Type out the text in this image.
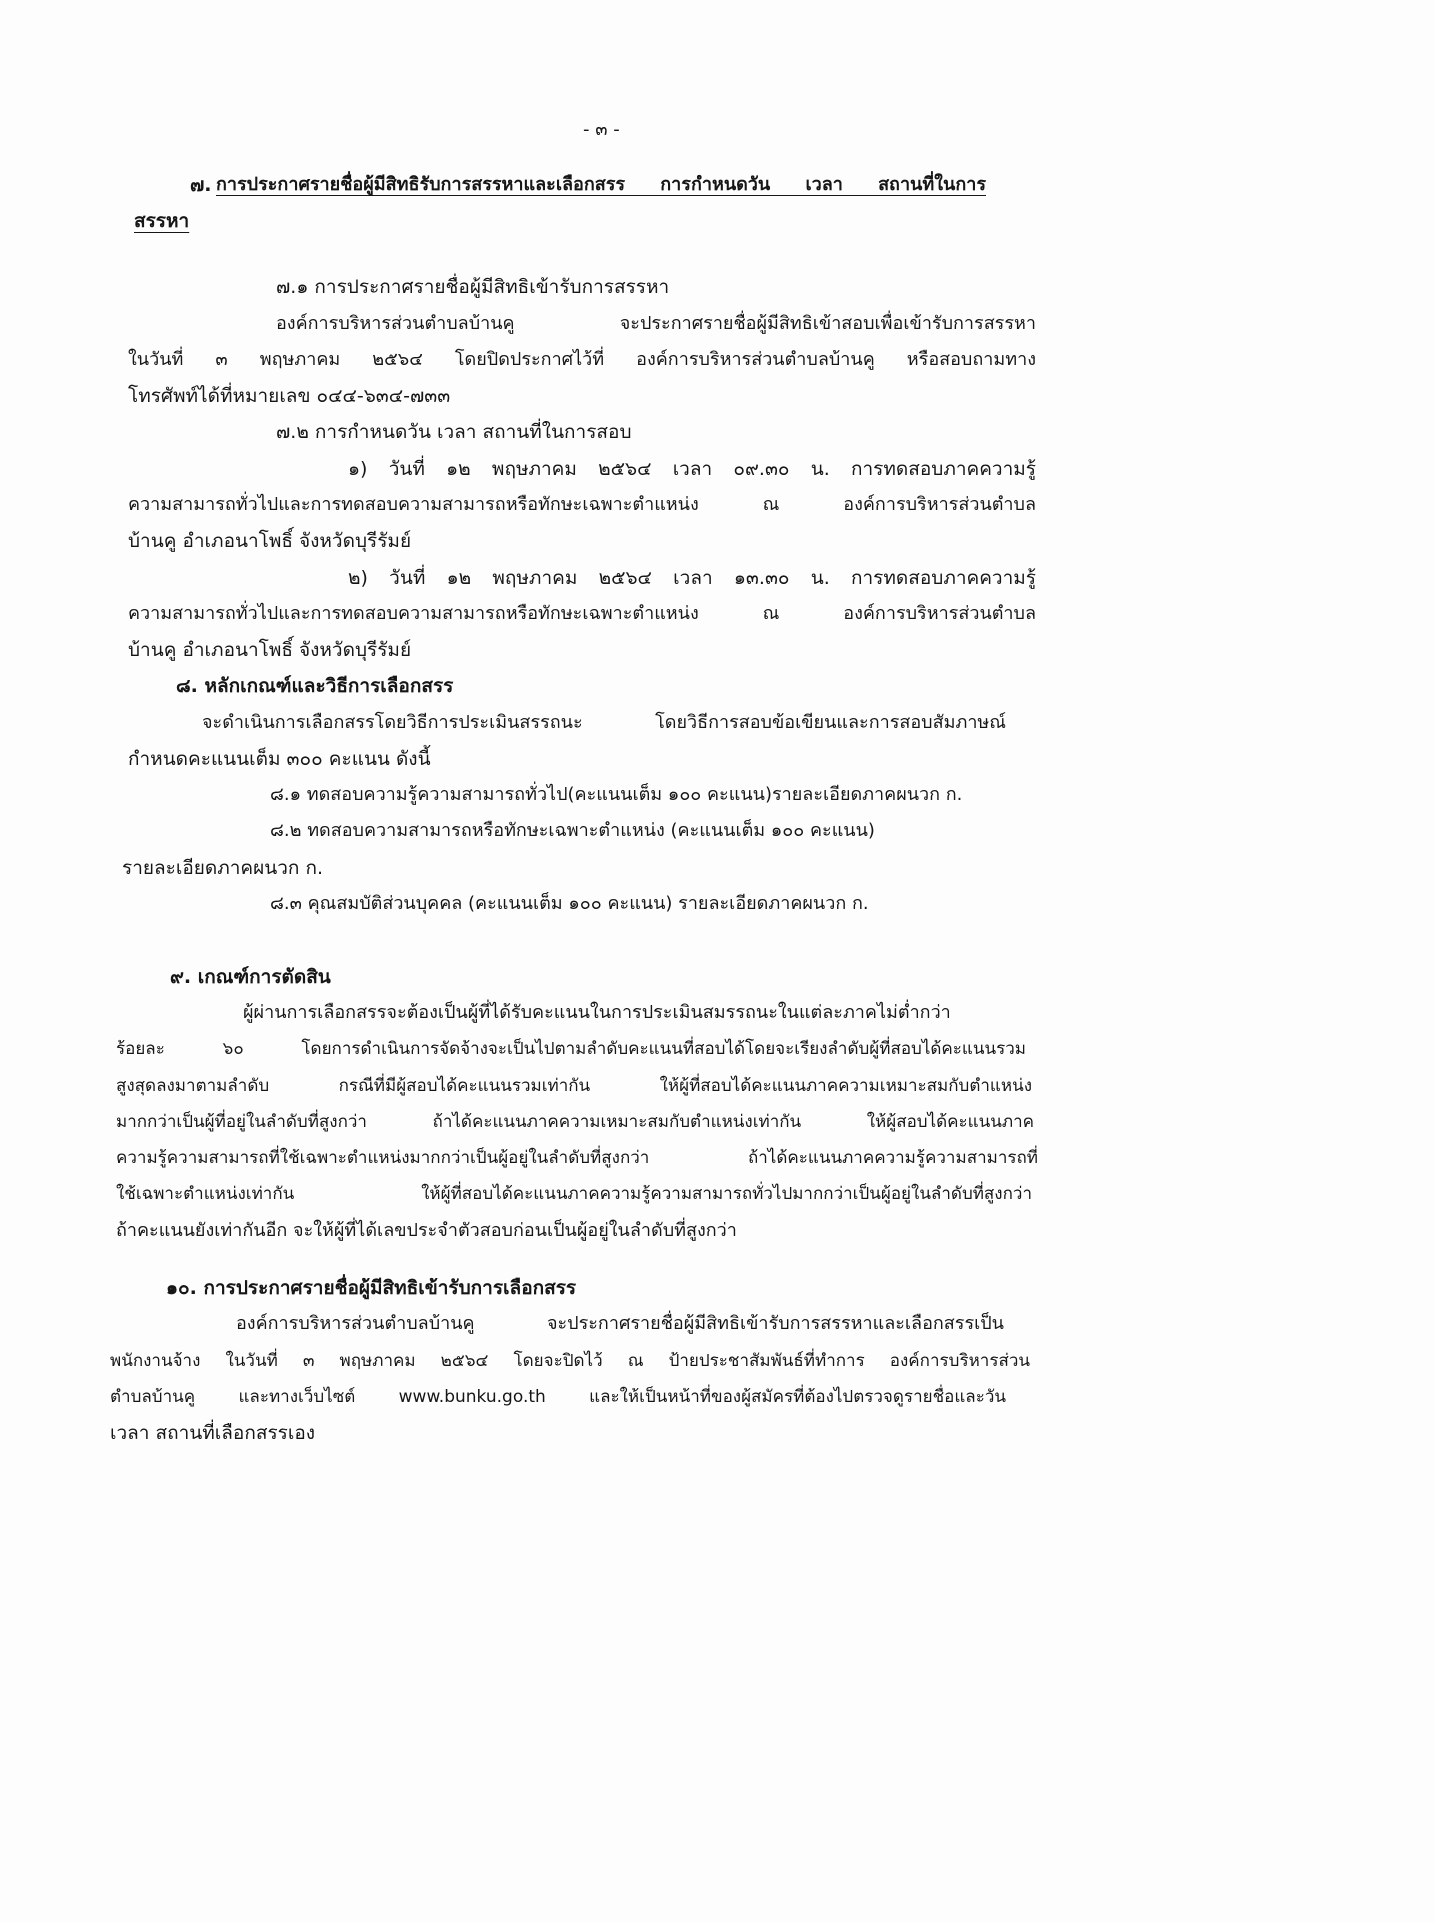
- ๓ -
๗. การประกาศรายชื่อผู้มีสิทธิรับการสรรหาและเลือกสรร การกำหนดวัน เวลา สถานที่ในการ
สรรหา
๗.๑ การประกาศรายชื่อผู้มีสิทธิเข้ารับการสรรหา
องค์การบริหารส่วนตำบลบ้านคู จะประกาศรายชื่อผู้มีสิทธิเข้าสอบเพื่อเข้ารับการสรรหา
ในวันที่ ๓ พฤษภาคม ๒๕๖๔ โดยปิดประกาศไว้ที่ องค์การบริหารส่วนตำบลบ้านคู หรือสอบถามทาง
โทรศัพท์ได้ที่หมายเลข ๐๔๔-๖๓๔-๗๓๓
๗.๒ การกำหนดวัน เวลา สถานที่ในการสอบ
๑) วันที่ ๑๒ พฤษภาคม ๒๕๖๔ เวลา ๐๙.๓๐ น. การทดสอบภาคความรู้
ความสามารถทั่วไปและการทดสอบความสามารถหรือทักษะเฉพาะตำแหน่ง ณ องค์การบริหารส่วนตำบล
บ้านคู อำเภอนาโพธิ์ จังหวัดบุรีรัมย์
๒) วันที่ ๑๒ พฤษภาคม ๒๕๖๔ เวลา ๑๓.๓๐ น. การทดสอบภาคความรู้
ความสามารถทั่วไปและการทดสอบความสามารถหรือทักษะเฉพาะตำแหน่ง ณ องค์การบริหารส่วนตำบล
บ้านคู อำเภอนาโพธิ์ จังหวัดบุรีรัมย์
๘. หลักเกณฑ์และวิธีการเลือกสรร
จะดำเนินการเลือกสรรโดยวิธีการประเมินสรรถนะ โดยวิธีการสอบข้อเขียนและการสอบสัมภาษณ์
กำหนดคะแนนเต็ม ๓๐๐ คะแนน ดังนี้
๘.๑ ทดสอบความรู้ความสามารถทั่วไป(คะแนนเต็ม ๑๐๐ คะแนน)รายละเอียดภาคผนวก ก.
๘.๒ ทดสอบความสามารถหรือทักษะเฉพาะตำแหน่ง (คะแนนเต็ม ๑๐๐ คะแนน)
รายละเอียดภาคผนวก ก.
๘.๓ คุณสมบัติส่วนบุคคล (คะแนนเต็ม ๑๐๐ คะแนน) รายละเอียดภาคผนวก ก.
๙. เกณฑ์การตัดสิน
ผู้ผ่านการเลือกสรรจะต้องเป็นผู้ที่ได้รับคะแนนในการประเมินสมรรถนะในแต่ละภาคไม่ต่ำกว่า
ร้อยละ ๖๐ โดยการดำเนินการจัดจ้างจะเป็นไปตามลำดับคะแนนที่สอบได้โดยจะเรียงลำดับผู้ที่สอบได้คะแนนรวม
สูงสุดลงมาตามลำดับ กรณีที่มีผู้สอบได้คะแนนรวมเท่ากัน ให้ผู้ที่สอบได้คะแนนภาคความเหมาะสมกับตำแหน่ง
มากกว่าเป็นผู้ที่อยู่ในลำดับที่สูงกว่า ถ้าได้คะแนนภาคความเหมาะสมกับตำแหน่งเท่ากัน ให้ผู้สอบได้คะแนนภาค
ความรู้ความสามารถที่ใช้เฉพาะตำแหน่งมากกว่าเป็นผู้อยู่ในลำดับที่สูงกว่า ถ้าได้คะแนนภาคความรู้ความสามารถที่
ใช้เฉพาะตำแหน่งเท่ากัน ให้ผู้ที่สอบได้คะแนนภาคความรู้ความสามารถทั่วไปมากกว่าเป็นผู้อยู่ในลำดับที่สูงกว่า
ถ้าคะแนนยังเท่ากันอีก จะให้ผู้ที่ได้เลขประจำตัวสอบก่อนเป็นผู้อยู่ในลำดับที่สูงกว่า
๑๐. การประกาศรายชื่อผู้มีสิทธิเข้ารับการเลือกสรร
องค์การบริหารส่วนตำบลบ้านคู จะประกาศรายชื่อผู้มีสิทธิเข้ารับการสรรหาและเลือกสรรเป็น
พนักงานจ้าง ในวันที่ ๓ พฤษภาคม ๒๕๖๔ โดยจะปิดไว้ ณ ป้ายประชาสัมพันธ์ที่ทำการ องค์การบริหารส่วน
ตำบลบ้านคู และทางเว็บไซต์ www.bunku.go.th และให้เป็นหน้าที่ของผู้สมัครที่ต้องไปตรวจดูรายชื่อและวัน
เวลา สถานที่เลือกสรรเอง
